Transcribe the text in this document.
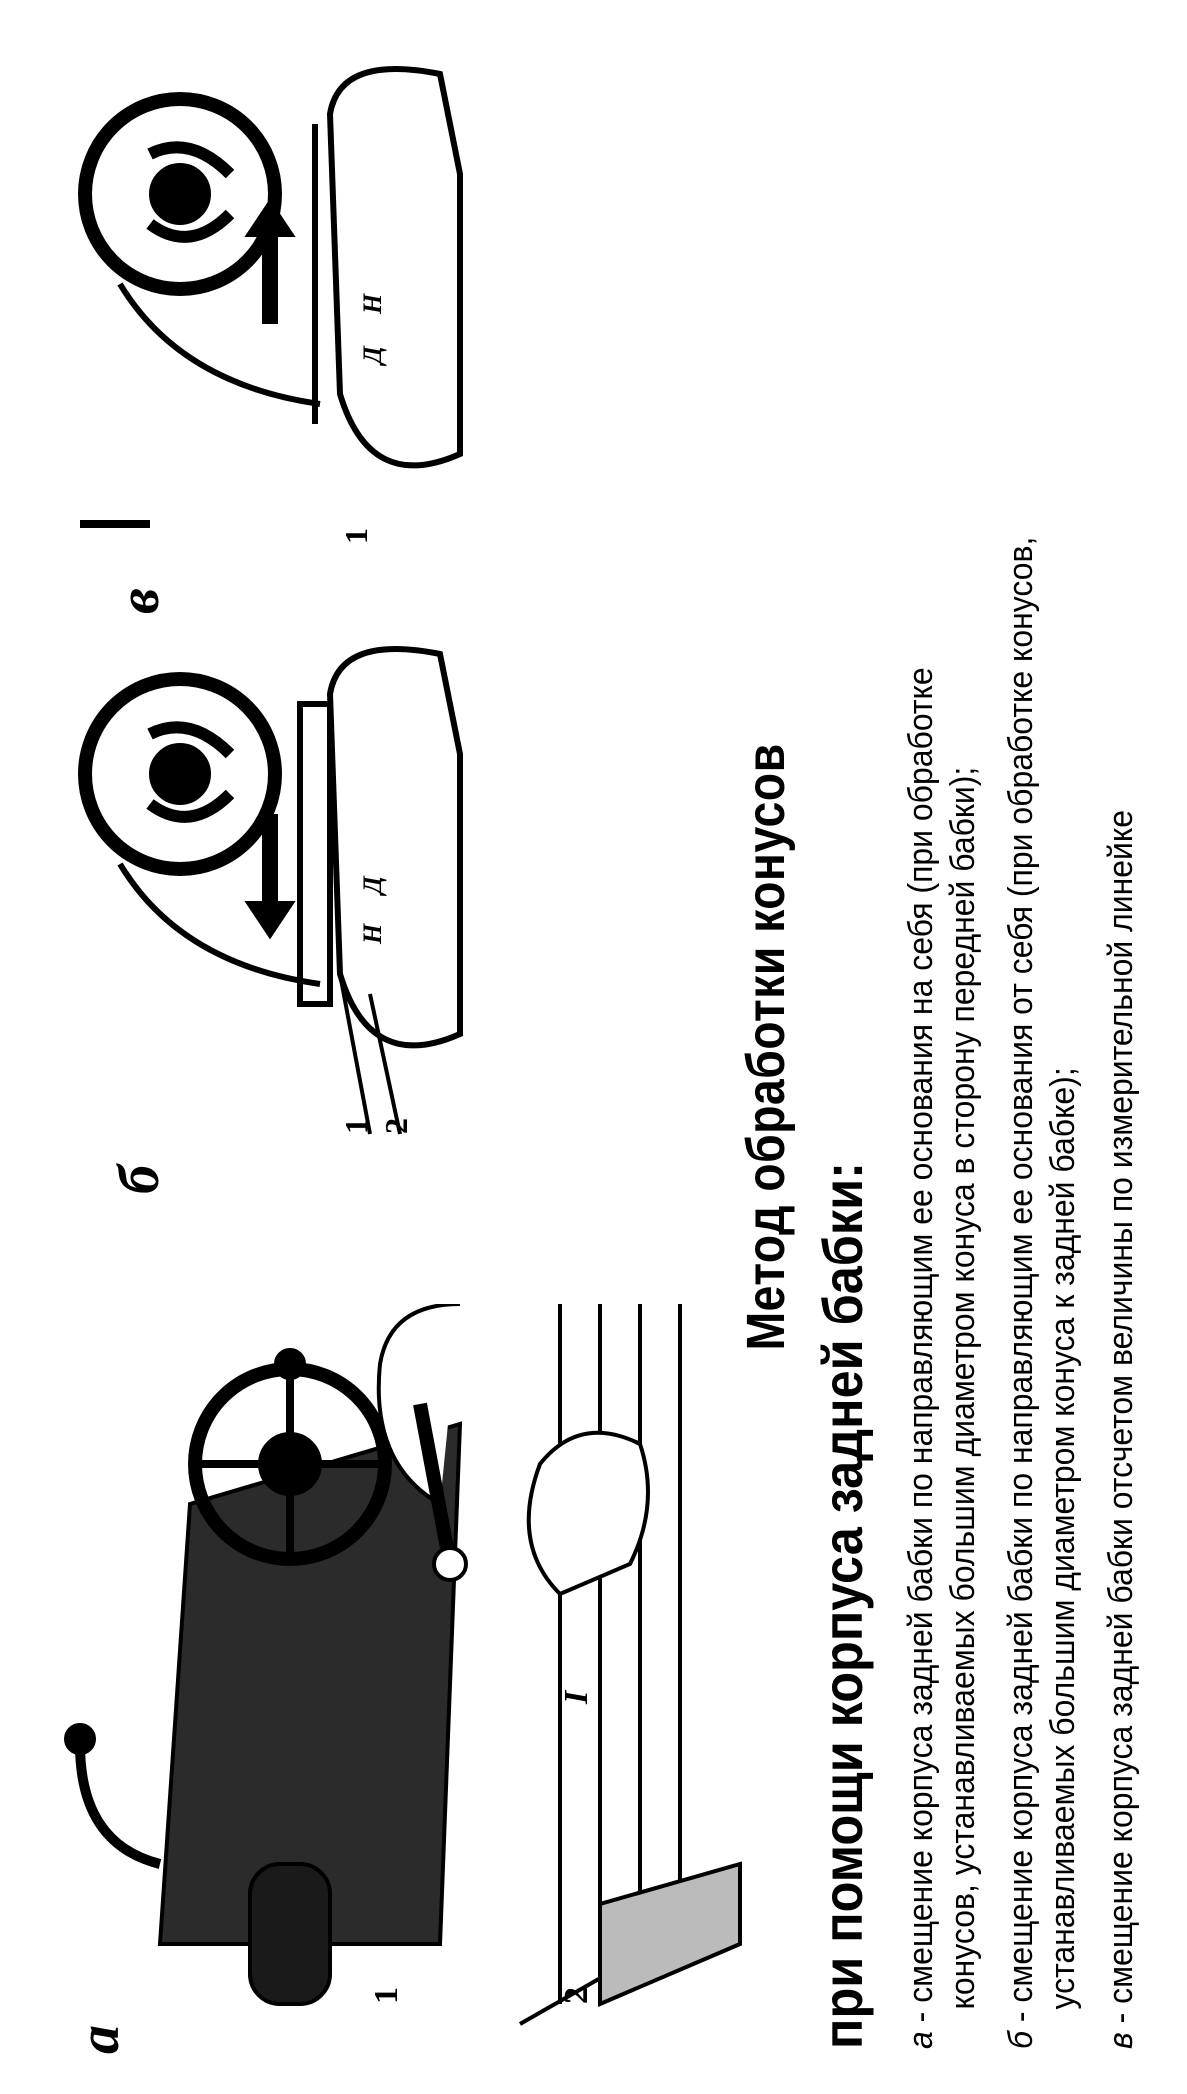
а
1	2
I
б
1 2
Н
Д
в
1
Д
Н
Метод обработки конусов
при помощи корпуса задней бабки: а - смещение корпуса задней бабки по направляющим ее основания на себя (при обработке конусов, устанавливаемых большим диаметром конуса в сторону передней бабки);
б - смещение корпуса задней бабки по направляющим ее основания от себя (при обработке конусов, устанавливаемых большим диаметром конуса к задней бабке);
в - смещение корпуса задней бабки отсчетом величины по измерительной линейке
